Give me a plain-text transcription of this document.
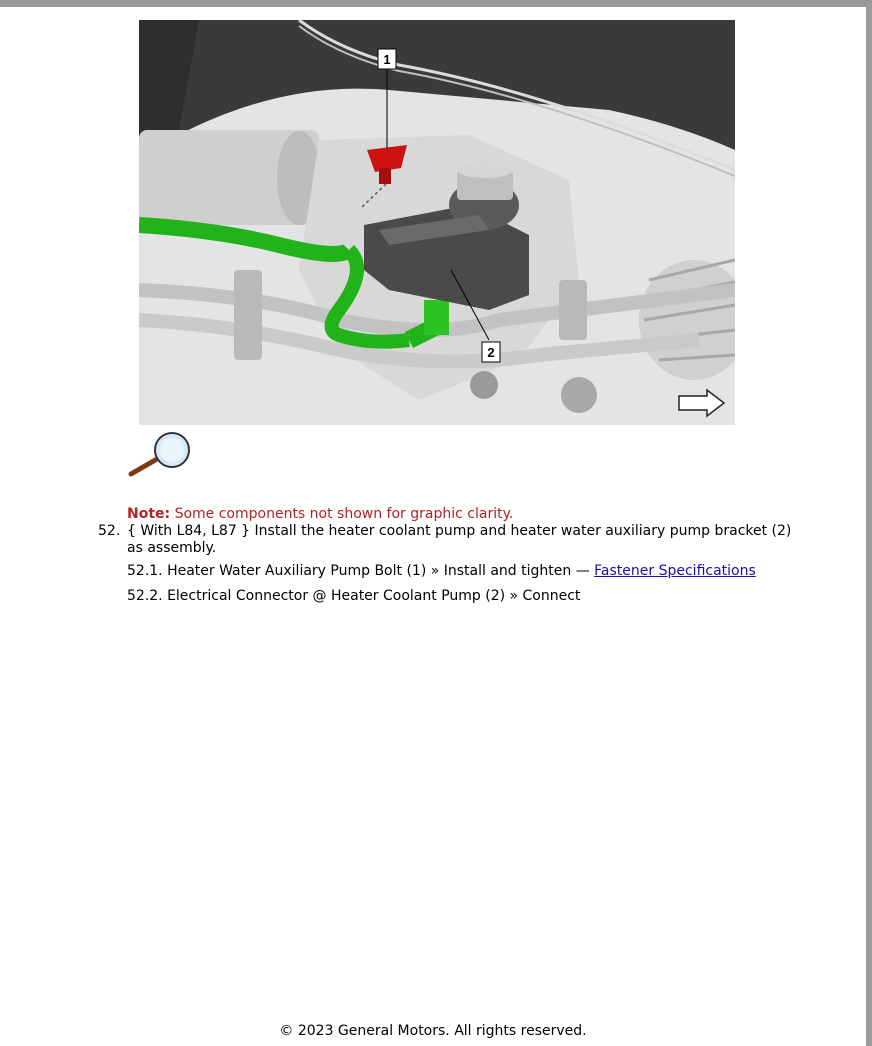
1
2
Note: Some components not shown for graphic clarity.
52. { With L84, L87 } Install the heater coolant pump and heater water auxiliary pump bracket (2) as assembly.
52.1. Heater Water Auxiliary Pump Bolt (1) » Install and tighten — Fastener Specifications
52.2. Electrical Connector @ Heater Coolant Pump (2) » Connect
© 2023 General Motors. All rights reserved.
